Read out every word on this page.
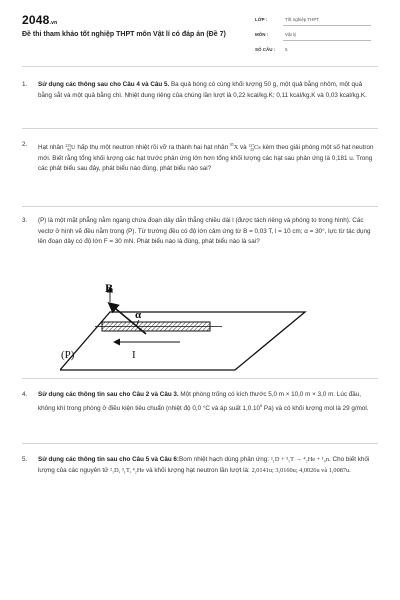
2048.vn
Đề thi tham khảo tốt nghiệp THPT môn Vật lí có đáp án (Đề 7)
LỚP :	Tốt nghiệp THPT
MÔN :	Vật lý
SỐ CÂU : 5
1. Sử dụng các thông sau cho Câu 4 và Câu 5. Ba quả bóng có cùng khối lượng 50 g, một quả bằng nhôm, một quả bằng sắt và một quả bằng chì. Nhiệt dung riêng của chúng lần lượt là 0,22 kcal/kg.K; 0,11 kcal/kg.K và 0,03 kcal/kg.K.
2. Hạt nhân 235
92U hấp thụ một neutron nhiệt rồi vỡ ra thành hai hạt nhân $^{95}$X và 137
55Cs kèm theo giải phóng một số hạt neutron mới. Biết rằng tổng khối lượng các hạt trước phản ứng lớn hơn tổng khối lượng các hạt sau phản ứng là 0,181 u. Trong các phát biểu sau đây, phát biểu nào đúng, phát biểu nào sai?
3. (P) là một mặt phẳng nằm ngang chứa đoạn dây dẫn thẳng chiều dài l (được tách riêng và phóng to trong hình). Các vectơ ở hình vẽ đều nằm trong (P). Từ trường đều có độ lớn cảm ứng từ B = 0,03 T, l = 10 cm; α = 30°, lực từ tác dụng lên đoạn dây có độ lớn F = 30 mN. Phát biểu nào là đúng, phát biểu nào là sai?
B
α
I
(P)
4. Sử dụng các thông tin sau cho Câu 2 và Câu 3. Một phòng trống có kích thước 5,0 m × 10,0 m × 3,0 m. Lúc đầu, không khí trong phòng ở điều kiện tiêu chuẩn (nhiệt độ 0,0 °C và áp suất 1,0.10$^5$ Pa) và có khối lượng mol là 29 g/mol.
5. Sử dụng các thông tin sau cho Câu 5 và Câu 6:Bom nhiệt hạch dùng phản ứng: ²₁D + ³₁T → ⁴₂He + ¹₀n. Cho biết khối lượng của các nguyên tử ²₁D, ³₁T, ⁴₂He và khối lượng hạt neutron lần lượt là: 2,0141u; 3,0160u; 4,0026u và 1,0087u.
